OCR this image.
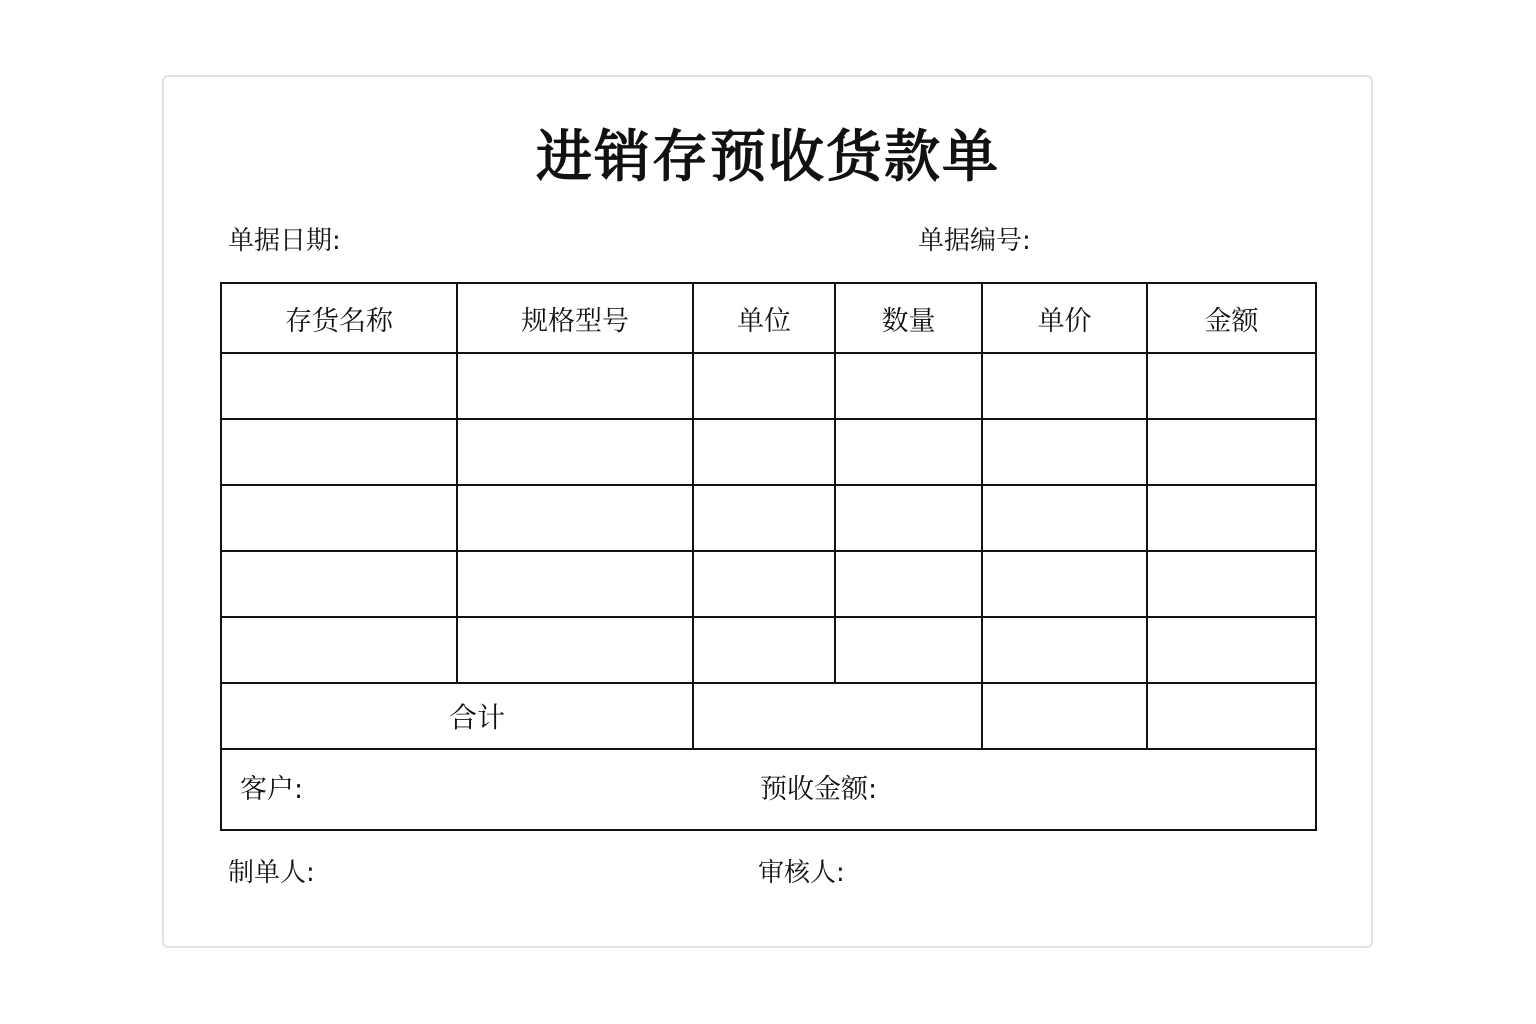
进销存预收货款单
单据日期:	单据编号:
存货名称	规格型号	单位	数量	单价	金额

合计					

客户: 预收金额:					
制单人:	审核人:
